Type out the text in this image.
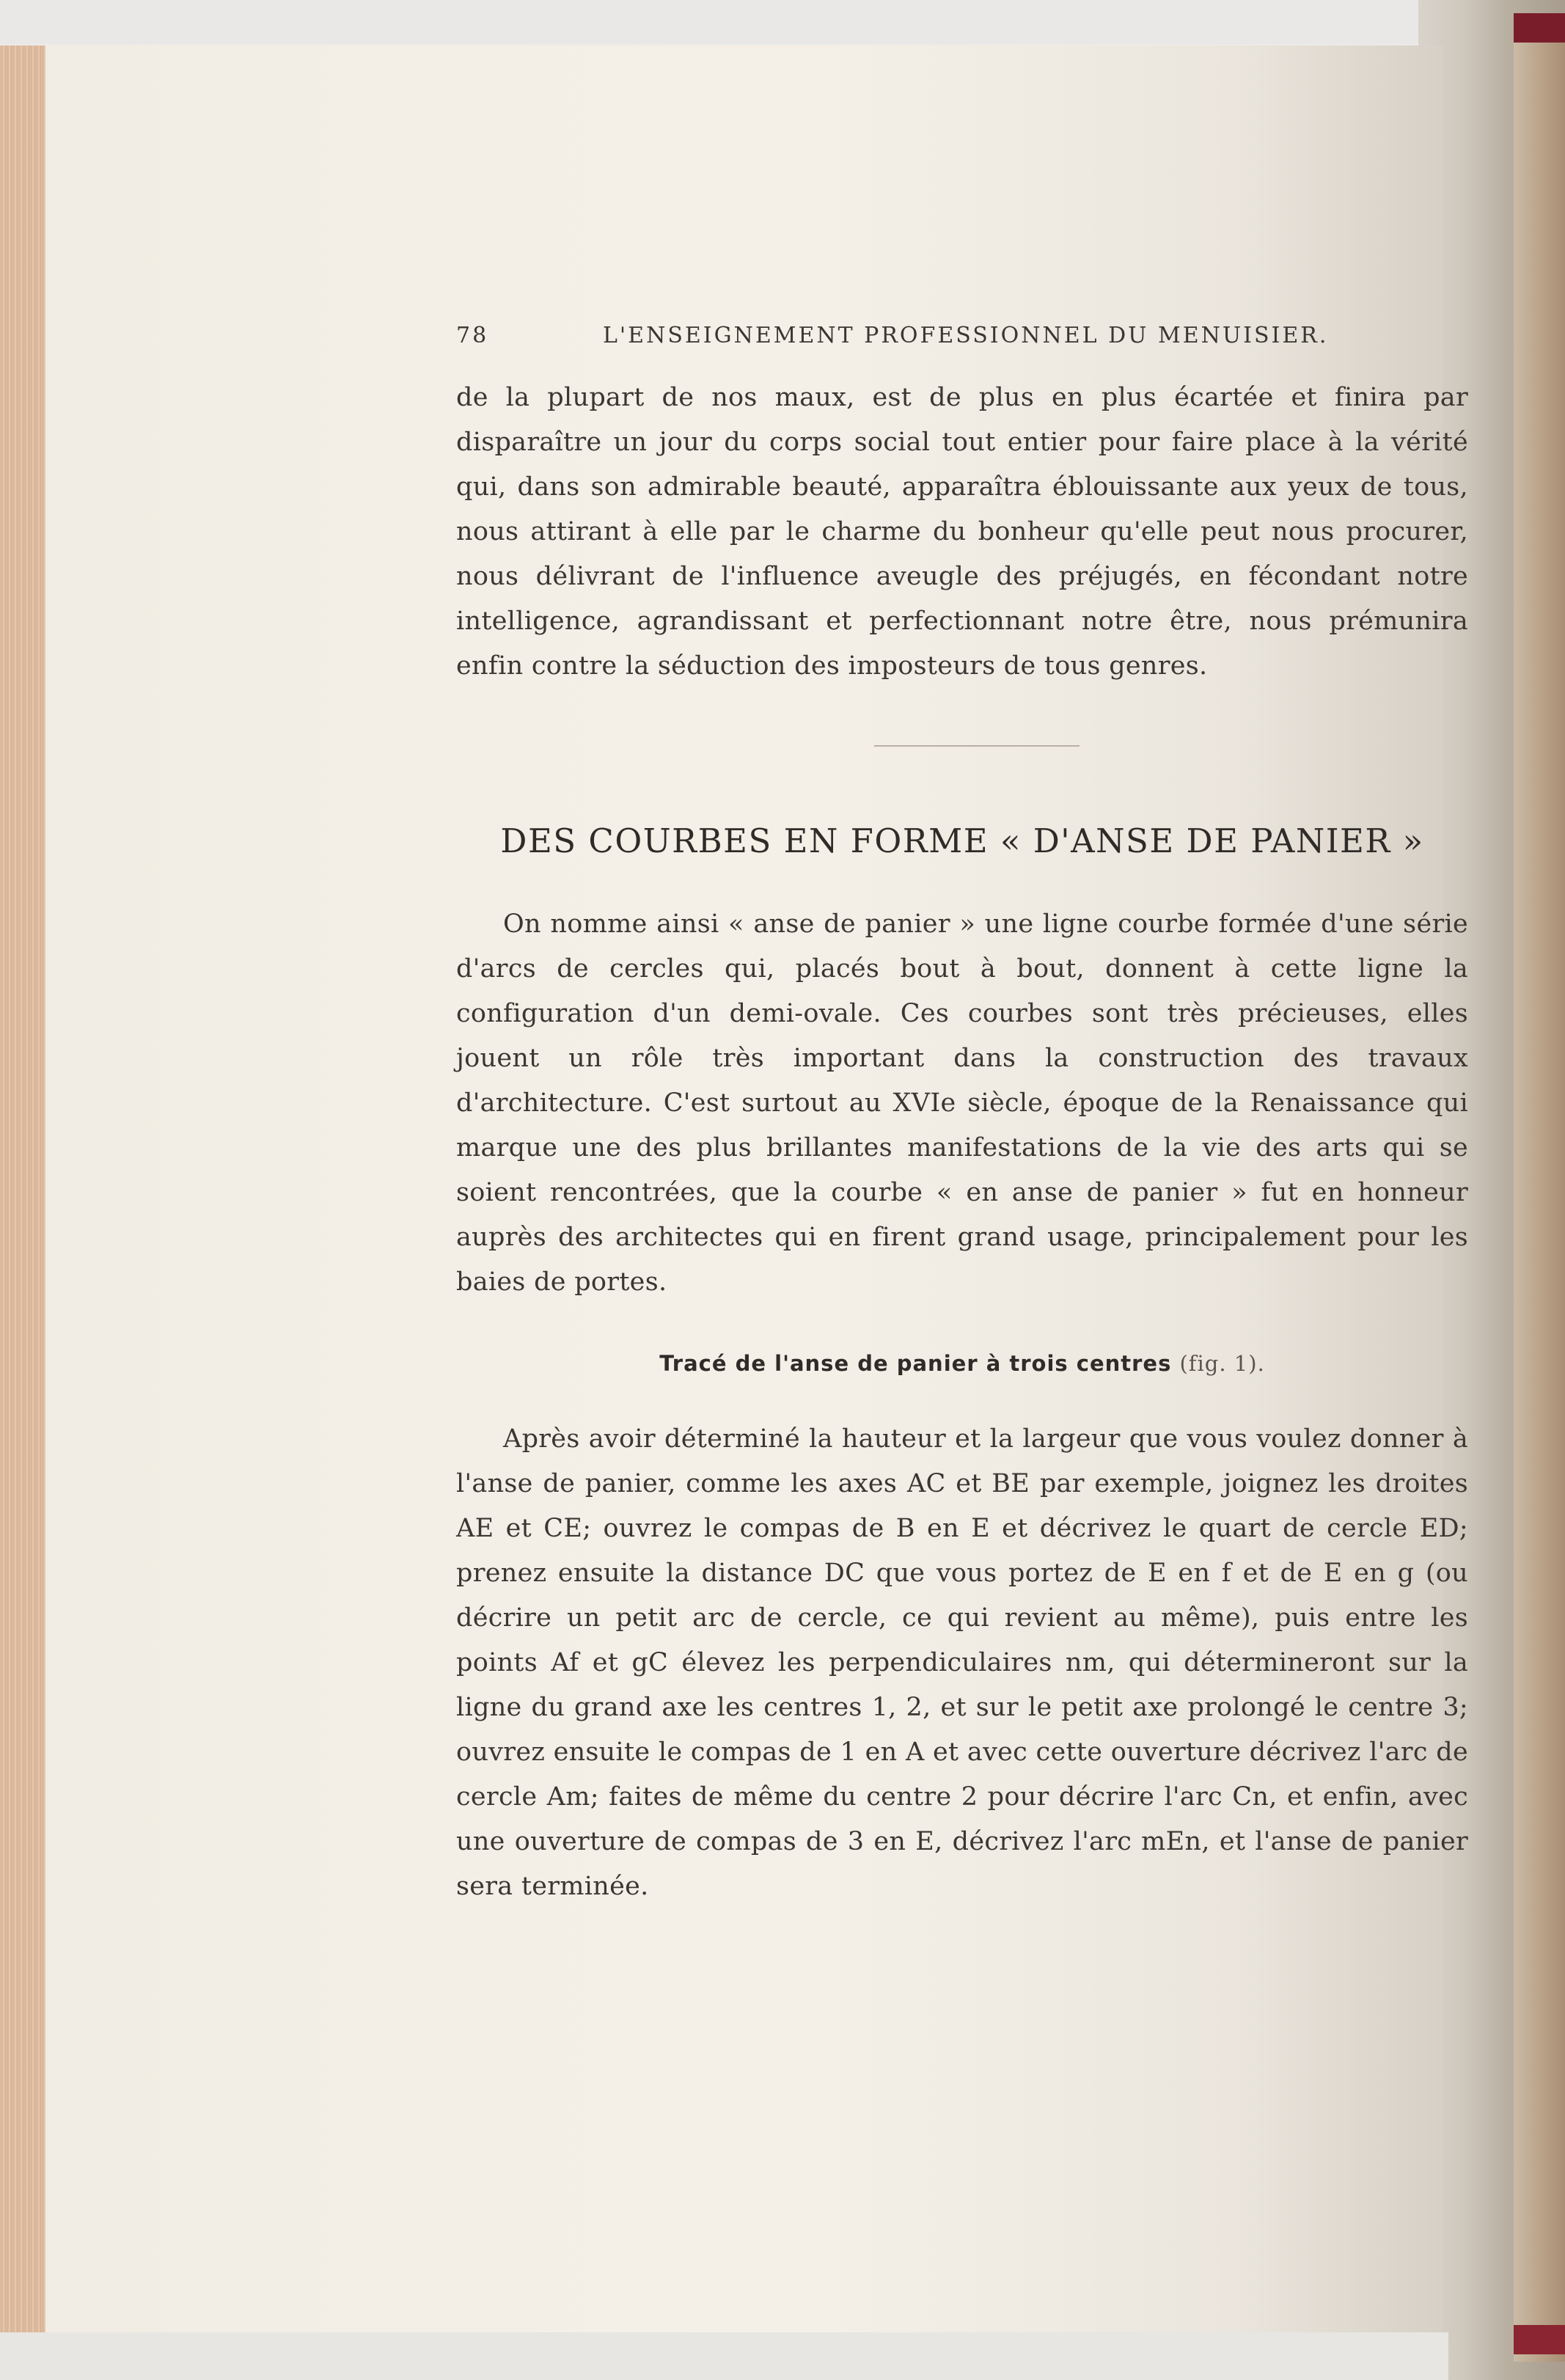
78	L'ENSEIGNEMENT PROFESSIONNEL DU MENUISIER.

de la plupart de nos maux, est de plus en plus écartée et finira par disparaître un jour du corps social tout entier pour faire place à la vérité qui, dans son admirable beauté, apparaîtra éblouissante aux yeux de tous, nous attirant à elle par le charme du bonheur qu'elle peut nous procurer, nous délivrant de l'influence aveugle des préjugés, en fécondant notre intelligence, agrandissant et perfectionnant notre être, nous prémunira enfin contre la séduction des imposteurs de tous genres.

DES COURBES EN FORME « D'ANSE DE PANIER »

On nomme ainsi « anse de panier » une ligne courbe formée d'une série d'arcs de cercles qui, placés bout à bout, donnent à cette ligne la configuration d'un demi-ovale. Ces courbes sont très précieuses, elles jouent un rôle très important dans la construction des travaux d'architecture. C'est surtout au XVIe siècle, époque de la Renaissance qui marque une des plus brillantes manifestations de la vie des arts qui se soient rencontrées, que la courbe « en anse de panier » fut en honneur auprès des architectes qui en firent grand usage, principalement pour les baies de portes.

Tracé de l'anse de panier à trois centres (fig. 1).

Après avoir déterminé la hauteur et la largeur que vous voulez donner à l'anse de panier, comme les axes AC et BE par exemple, joignez les droites AE et CE; ouvrez le compas de B en E et décrivez le quart de cercle ED; prenez ensuite la distance DC que vous portez de E en f et de E en g (ou décrire un petit arc de cercle, ce qui revient au même), puis entre les points Af et gC élevez les perpendiculaires nm, qui détermineront sur la ligne du grand axe les centres 1, 2, et sur le petit axe prolongé le centre 3; ouvrez ensuite le compas de 1 en A et avec cette ouverture décrivez l'arc de cercle Am; faites de même du centre 2 pour décrire l'arc Cn, et enfin, avec une ouverture de compas de 3 en E, décrivez l'arc mEn, et l'anse de panier sera terminée.
